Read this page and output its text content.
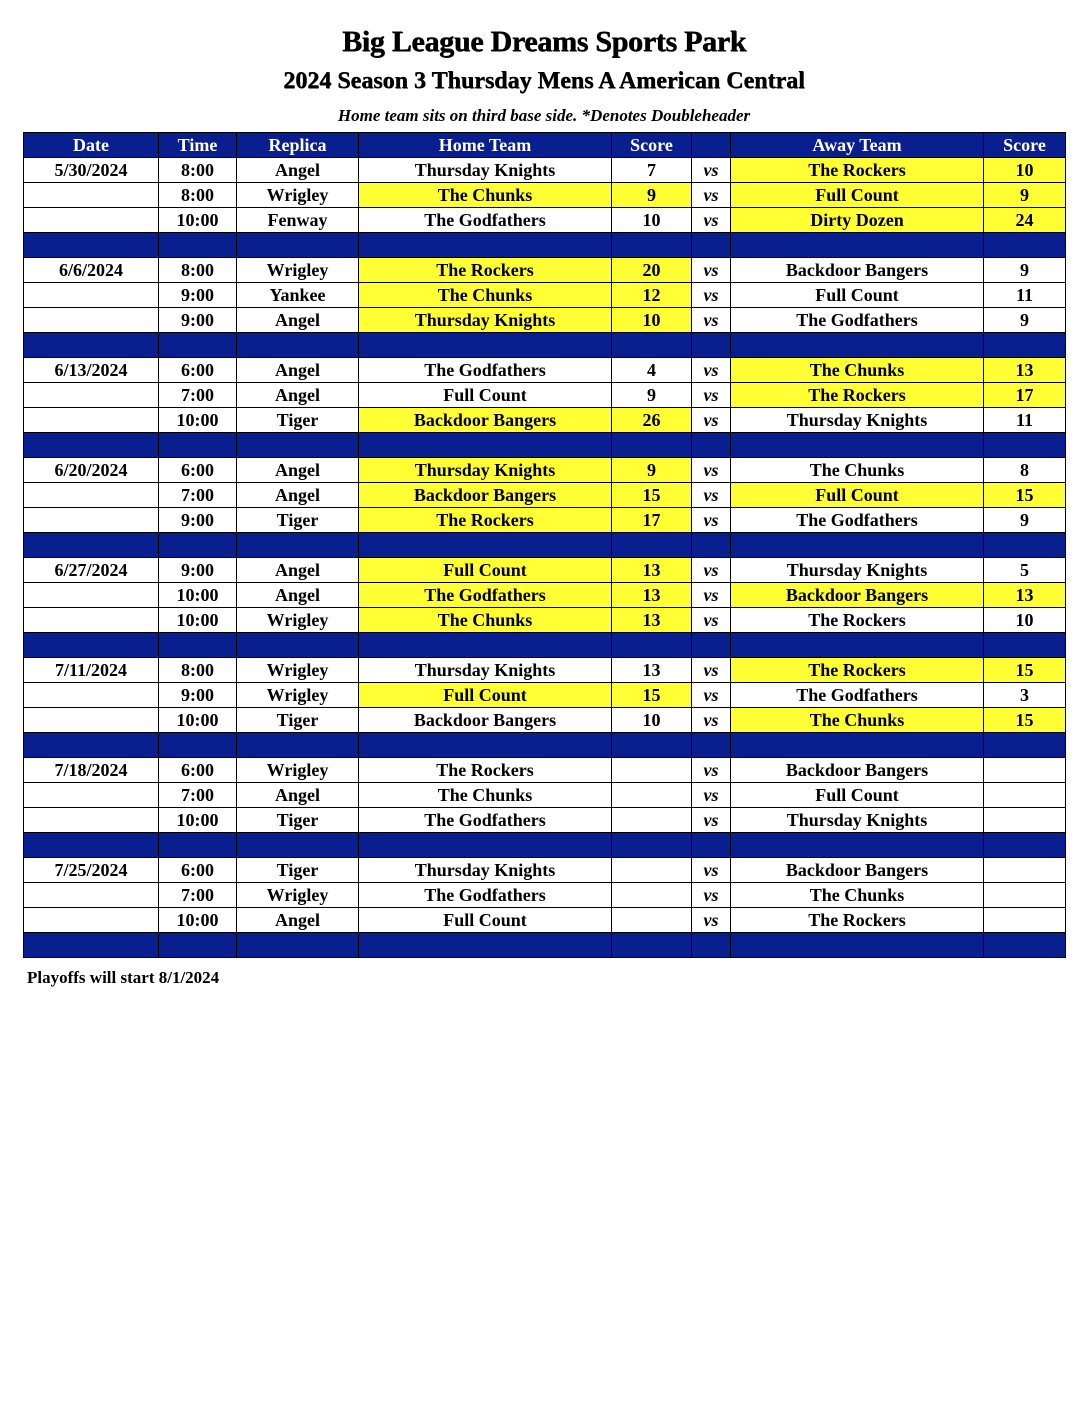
Big League Dreams Sports Park
2024 Season 3 Thursday Mens A American Central
Home team sits on third base side. *Denotes Doubleheader
Date	Time	Replica	Home Team	Score		Away Team	Score
5/30/2024	8:00	Angel	Thursday Knights	7	vs	The Rockers	10
	8:00	Wrigley	The Chunks	9	vs	Full Count	9
	10:00	Fenway	The Godfathers	10	vs	Dirty Dozen	24

6/6/2024	8:00	Wrigley	The Rockers	20	vs	Backdoor Bangers	9
	9:00	Yankee	The Chunks	12	vs	Full Count	11
	9:00	Angel	Thursday Knights	10	vs	The Godfathers	9

6/13/2024	6:00	Angel	The Godfathers	4	vs	The Chunks	13
	7:00	Angel	Full Count	9	vs	The Rockers	17
	10:00	Tiger	Backdoor Bangers	26	vs	Thursday Knights	11

6/20/2024	6:00	Angel	Thursday Knights	9	vs	The Chunks	8
	7:00	Angel	Backdoor Bangers	15	vs	Full Count	15
	9:00	Tiger	The Rockers	17	vs	The Godfathers	9

6/27/2024	9:00	Angel	Full Count	13	vs	Thursday Knights	5
	10:00	Angel	The Godfathers	13	vs	Backdoor Bangers	13
	10:00	Wrigley	The Chunks	13	vs	The Rockers	10

7/11/2024	8:00	Wrigley	Thursday Knights	13	vs	The Rockers	15
	9:00	Wrigley	Full Count	15	vs	The Godfathers	3
	10:00	Tiger	Backdoor Bangers	10	vs	The Chunks	15

7/18/2024	6:00	Wrigley	The Rockers		vs	Backdoor Bangers	
	7:00	Angel	The Chunks		vs	Full Count	
	10:00	Tiger	The Godfathers		vs	Thursday Knights	

7/25/2024	6:00	Tiger	Thursday Knights		vs	Backdoor Bangers	
	7:00	Wrigley	The Godfathers		vs	The Chunks	
	10:00	Angel	Full Count		vs	The Rockers	

Playoffs will start 8/1/2024
